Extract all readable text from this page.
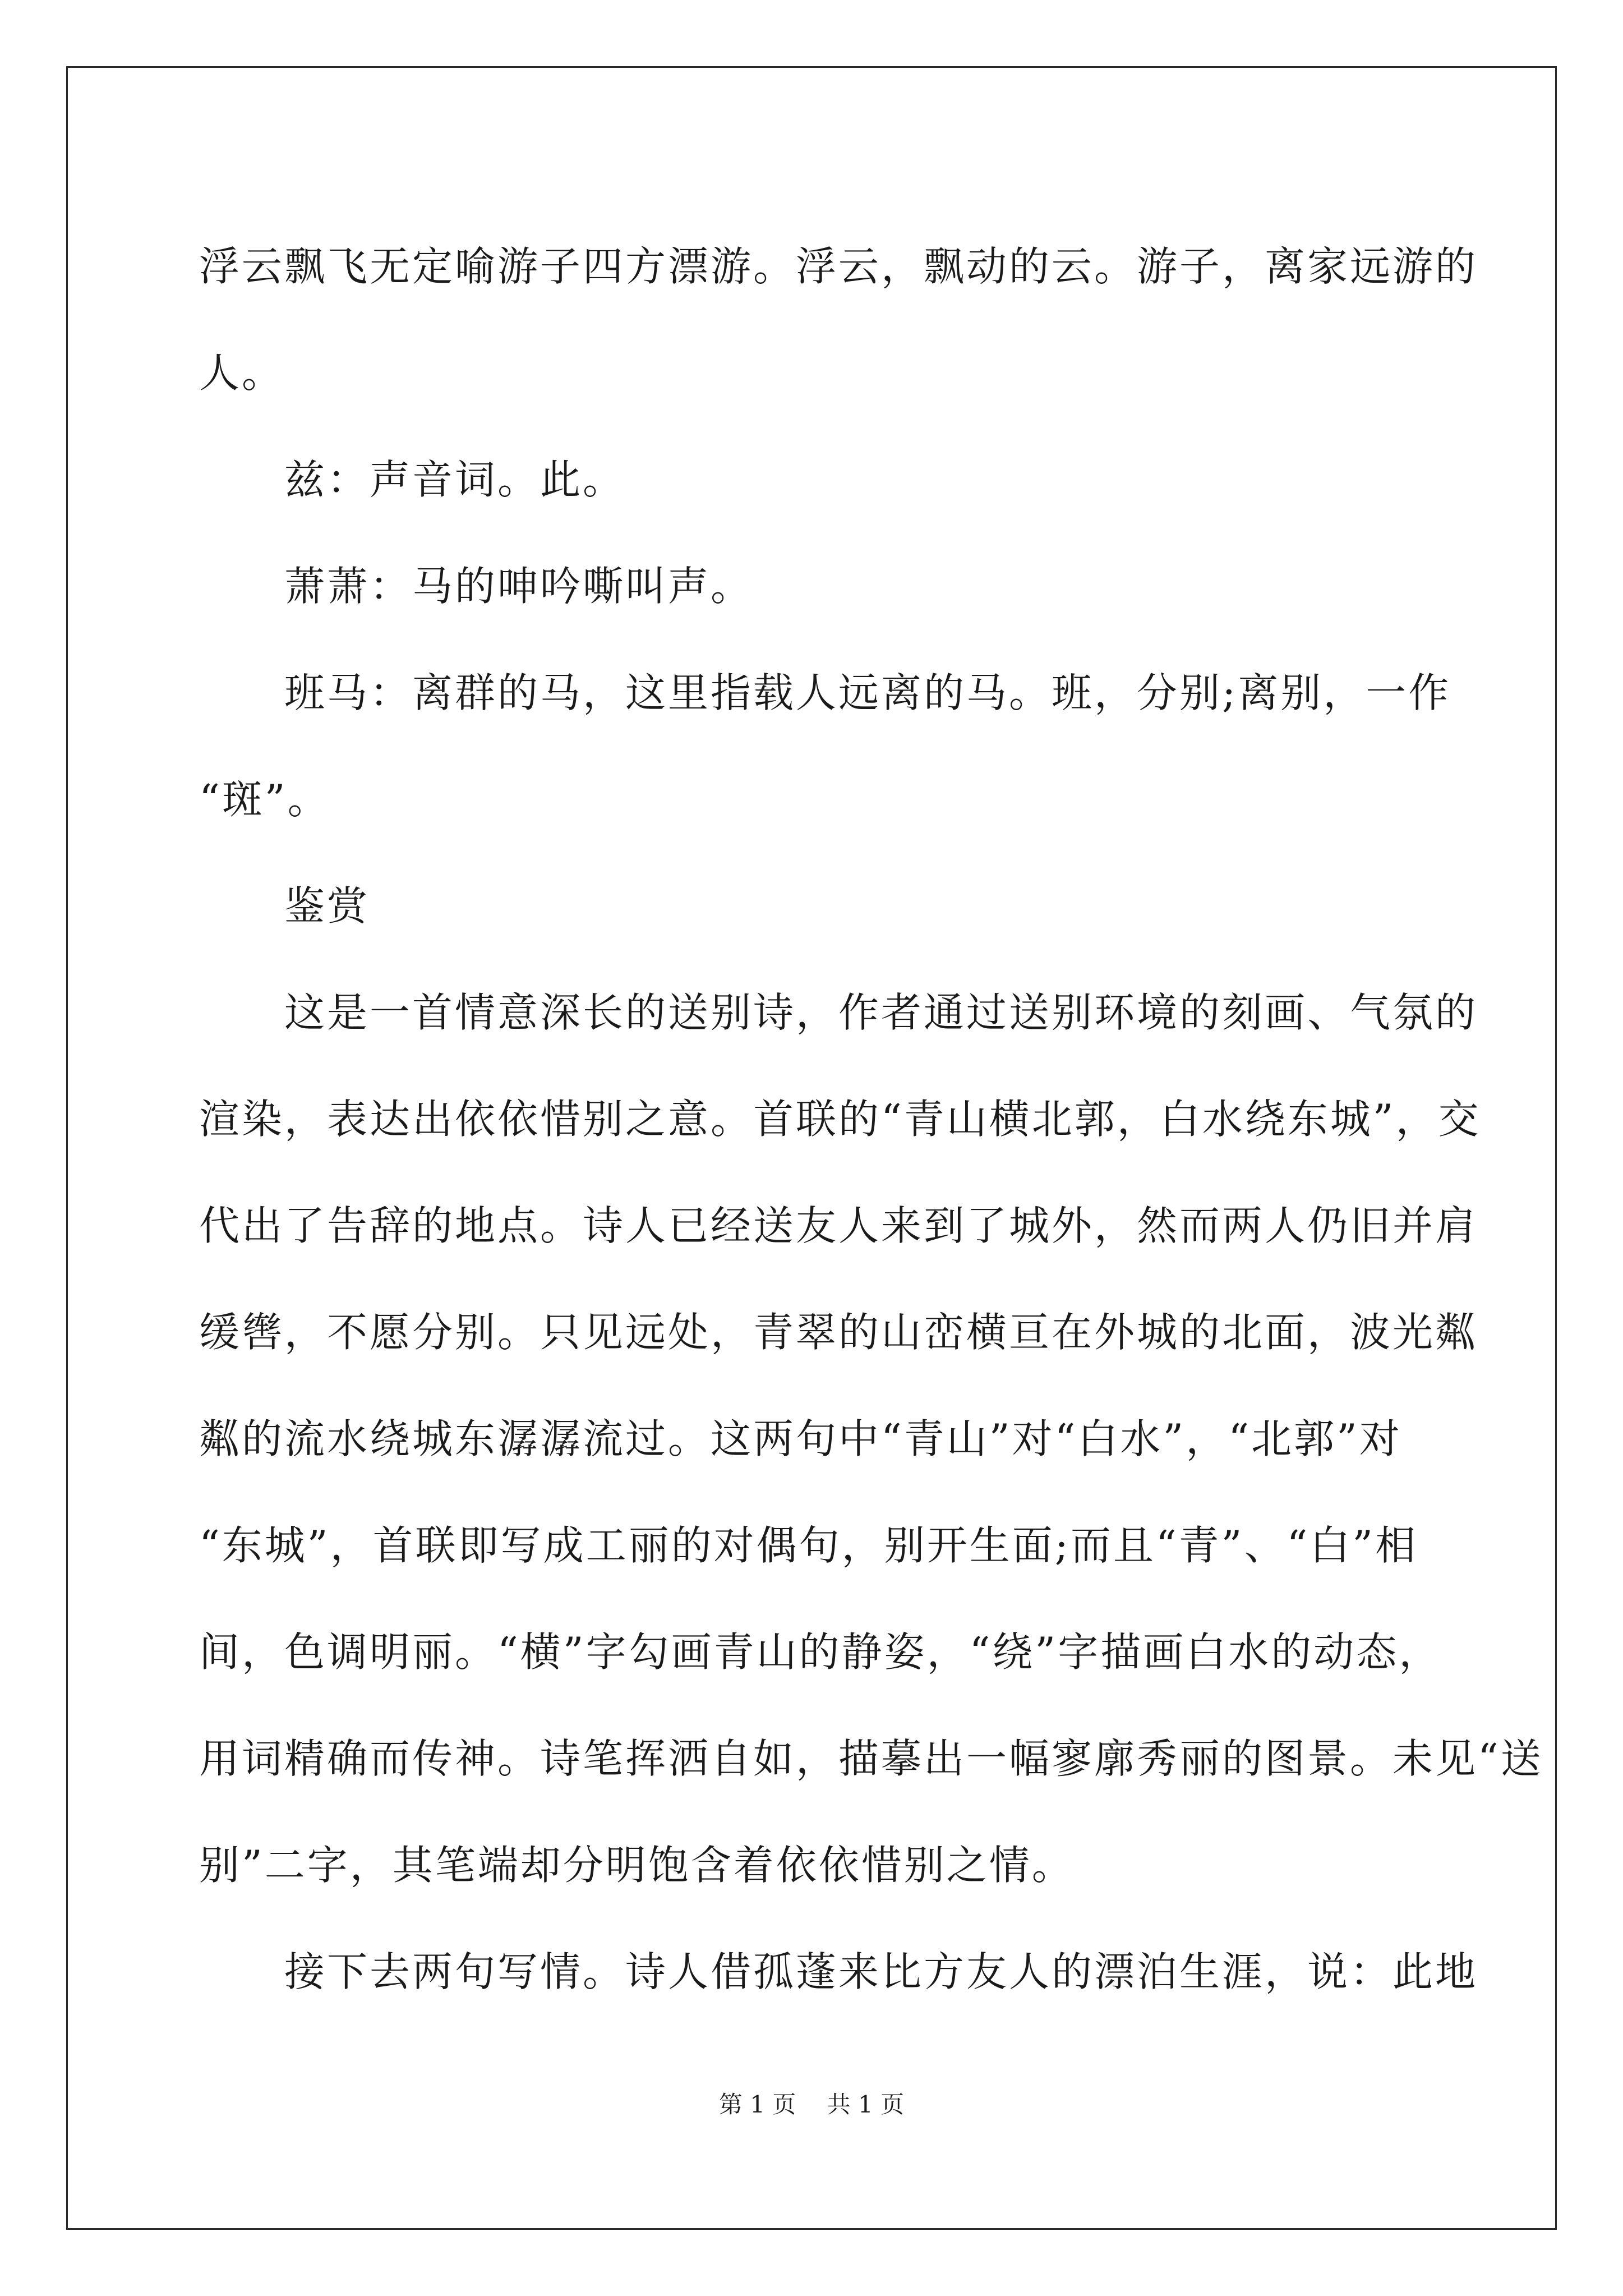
浮云飘飞无定喻游子四方漂游。浮云，飘动的云。游子，离家远游的

人。

　　兹：声音词。此。

　　萧萧：马的呻吟嘶叫声。

　　班马：离群的马，这里指载人远离的马。班，分别;离别，一作

“斑”。

　　鉴赏

　　这是一首情意深长的送别诗，作者通过送别环境的刻画、气氛的

渲染，表达出依依惜别之意。首联的“青山横北郭，白水绕东城”，交

代出了告辞的地点。诗人已经送友人来到了城外，然而两人仍旧并肩

缓辔，不愿分别。只见远处，青翠的山峦横亘在外城的北面，波光粼

粼的流水绕城东潺潺流过。这两句中“青山”对“白水”，“北郭”对

“东城”，首联即写成工丽的对偶句，别开生面;而且“青”、“白”相

间，色调明丽。“横”字勾画青山的静姿，“绕”字描画白水的动态，

用词精确而传神。诗笔挥洒自如，描摹出一幅寥廓秀丽的图景。未见“送

别”二字，其笔端却分明饱含着依依惜别之情。

　　接下去两句写情。诗人借孤蓬来比方友人的漂泊生涯，说：此地

第 1 页　 共 1 页
